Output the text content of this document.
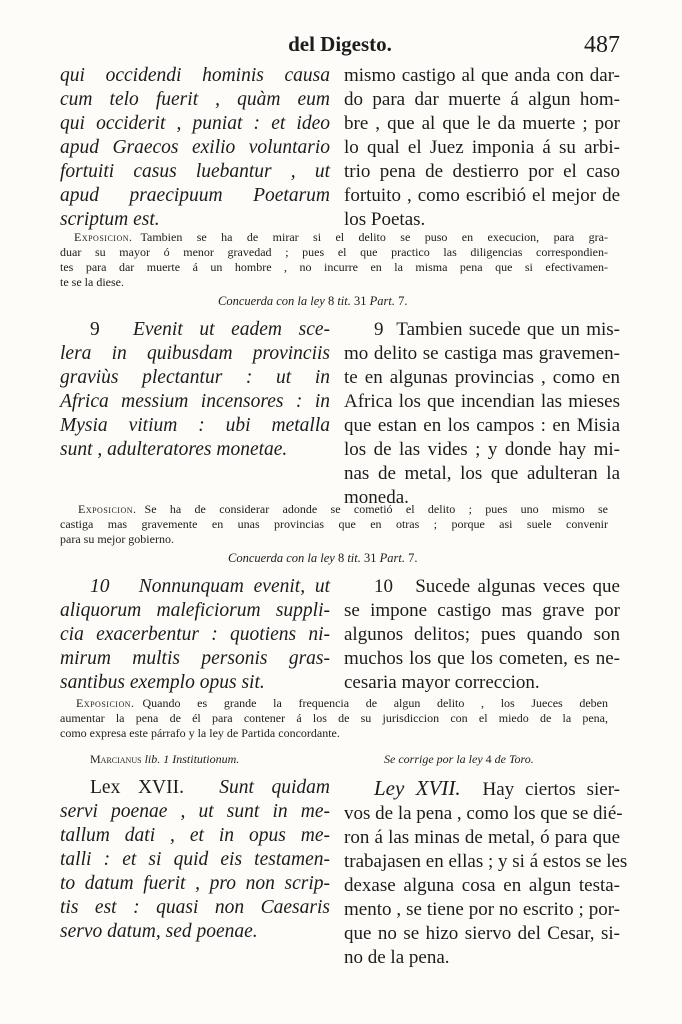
del Digesto.	487
qui occidendi hominis causa
cum telo fuerit , quàm eum
qui occiderit , puniat : et ideo
apud Graecos exilio voluntario
fortuiti casus luebantur , ut
apud praecipuum Poetarum
scriptum est.
mismo castigo al que anda con dar-
do para dar muerte á algun hom-
bre , que al que le da muerte ; por
lo qual el Juez imponia á su arbi-
trio pena de destierro por el caso
fortuito , como escribió el mejor de
los Poetas.
Exposicion. Tambien se ha de mirar si el delito se puso en execucion, para gra-
duar su mayor ó menor gravedad ; pues el que practico las diligencias correspondien-
tes para dar muerte á un hombre , no incurre en la misma pena que si efectivamen-
te se la diese.
Concuerda con la ley 8 tit. 31 Part. 7.
9 Evenit ut eadem sce-
lera in quibusdam provinciis
graviùs plectantur : ut in
Africa messium incensores : in
Mysia vitium : ubi metalla
sunt , adulteratores monetae.
9 Tambien sucede que un mis-
mo delito se castiga mas gravemen-
te en algunas provincias , como en
Africa los que incendian las mieses
que estan en los campos : en Misia
los de las vides ; y donde hay mi-
nas de metal, los que adulteran la
moneda.
Exposicion. Se ha de considerar adonde se cometió el delito ; pues uno mismo se
castiga mas gravemente en unas provincias que en otras ; porque asi suele convenir
para su mejor gobierno.
Concuerda con la ley 8 tit. 31 Part. 7.
10 Nonnunquam evenit, ut
aliquorum maleficiorum suppli-
cia exacerbentur : quotiens ni-
mirum multis personis gras-
santibus exemplo opus sit.
10 Sucede algunas veces que
se impone castigo mas grave por
algunos delitos; pues quando son
muchos los que los cometen, es ne-
cesaria mayor correccion.
Exposicion. Quando es grande la frequencia de algun delito , los Jueces deben
aumentar la pena de él para contener á los de su jurisdiccion con el miedo de la pena,
como expresa este párrafo y la ley de Partida concordante.
Marcianus lib. 1 Institutionum.	Se corrige por la ley 4 de Toro.
Lex XVII. Sunt quidam
servi poenae , ut sunt in me-
tallum dati , et in opus me-
talli : et si quid eis testamen-
to datum fuerit , pro non scrip-
tis est : quasi non Caesaris
servo datum, sed poenae.
Ley XVII. Hay ciertos sier-
vos de la pena , como los que se dié-
ron á las minas de metal, ó para que
trabajasen en ellas ; y si á estos se les
dexase alguna cosa en algun testa-
mento , se tiene por no escrito ; por-
que no se hizo siervo del Cesar, si-
no de la pena.
